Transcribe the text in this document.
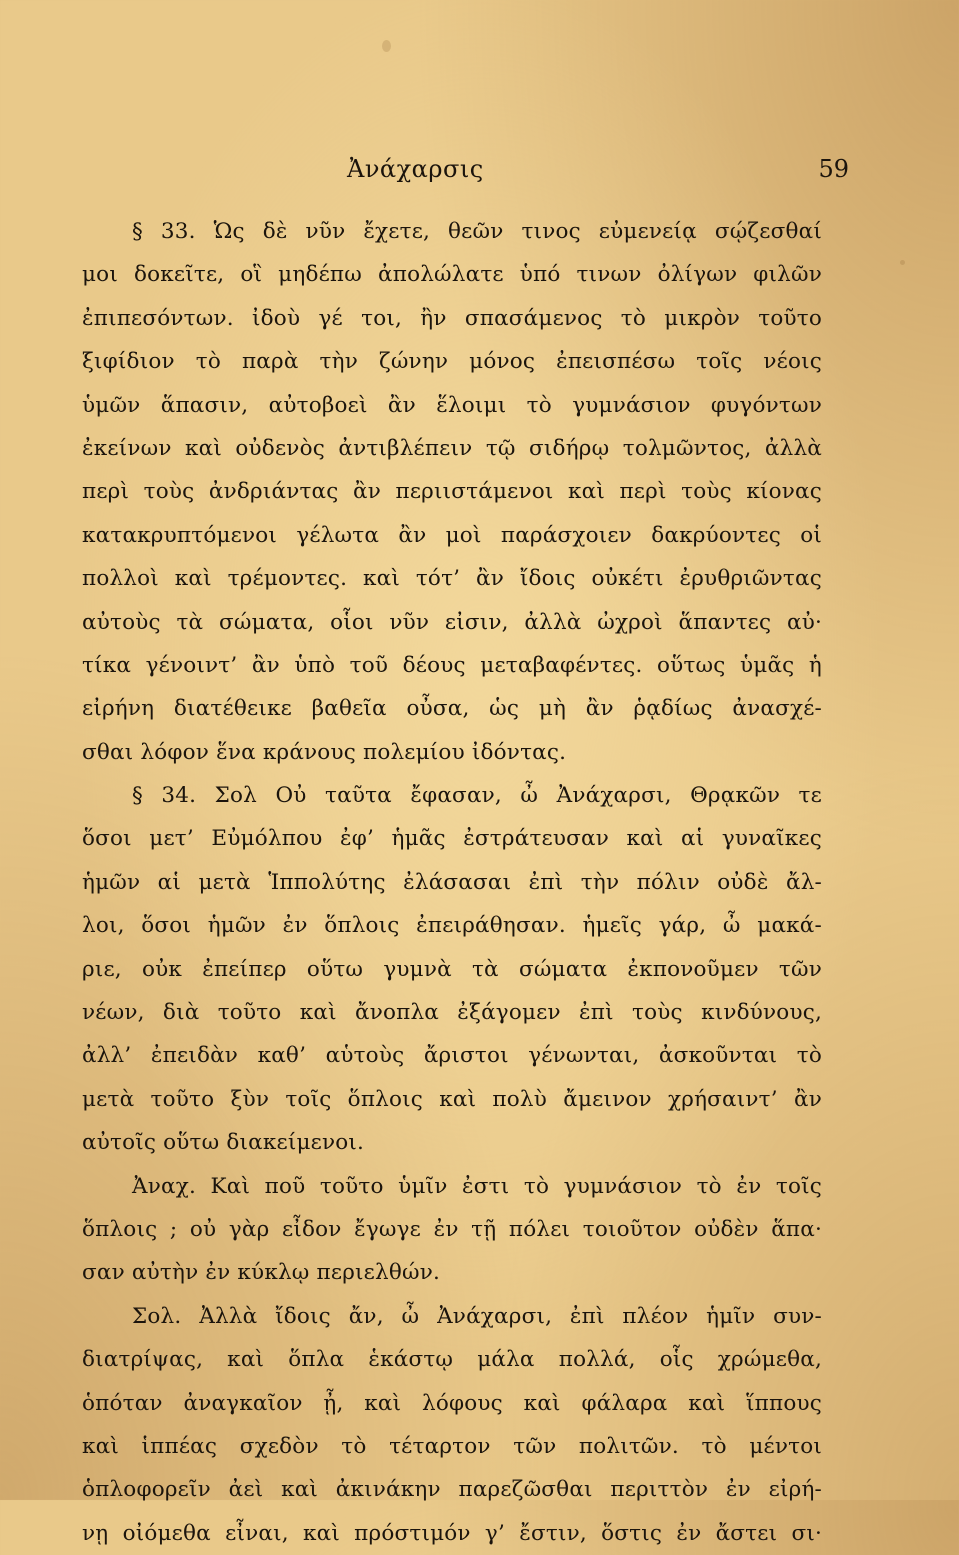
Ἀνάχαρσις	59
§ 33. Ὡς δὲ νῦν ἔχετε, θεῶν τινος εὐμενείᾳ σῴζεσθαί
μοι δοκεῖτε, οἳ μηδέπω ἀπολώλατε ὑπό τινων ὀλίγων φιλῶν
ἐπιπεσόντων. ἰδοὺ γέ τοι, ἢν σπασάμενος τὸ μικρὸν τοῦτο
ξιφίδιον τὸ παρὰ τὴν ζώνην μόνος ἐπεισπέσω τοῖς νέοις
ὑμῶν ἅπασιν, αὐτοβοεὶ ἂν ἕλοιμι τὸ γυμνάσιον φυγόντων
ἐκείνων καὶ οὐδενὸς ἀντιβλέπειν τῷ σιδήρῳ τολμῶντος, ἀλλὰ
περὶ τοὺς ἀνδριάντας ἂν περιιστάμενοι καὶ περὶ τοὺς κίονας
κατακρυπτόμενοι γέλωτα ἂν μοὶ παράσχοιεν δακρύοντες οἱ
πολλοὶ καὶ τρέμοντες. καὶ τότ’ ἂν ἴδοις οὐκέτι ἐρυθριῶντας
αὐτοὺς τὰ σώματα, οἷοι νῦν εἰσιν, ἀλλὰ ὠχροὶ ἅπαντες αὐ·
τίκα γένοιντ’ ἂν ὑπὸ τοῦ δέους μεταβαφέντες. οὕτως ὑμᾶς ἡ
εἰρήνη διατέθεικε βαθεῖα οὖσα, ὡς μὴ ἂν ῥᾳδίως ἀνασχέ-
σθαι λόφον ἕνα κράνους πολεμίου ἰδόντας.
§ 34. Σολ Οὐ ταῦτα ἔφασαν, ὦ Ἀνάχαρσι, Θρᾳκῶν τε
ὅσοι μετ’ Εὐμόλπου ἐφ’ ἡμᾶς ἐστράτευσαν καὶ αἱ γυναῖκες
ἡμῶν αἱ μετὰ Ἱππολύτης ἐλάσασαι ἐπὶ τὴν πόλιν οὐδὲ ἄλ-
λοι, ὅσοι ἡμῶν ἐν ὅπλοις ἐπειράθησαν. ἡμεῖς γάρ, ὦ μακά-
ριε, οὐκ ἐπείπερ οὕτω γυμνὰ τὰ σώματα ἐκπονοῦμεν τῶν
νέων, διὰ τοῦτο καὶ ἄνοπλα ἐξάγομεν ἐπὶ τοὺς κινδύνους,
ἀλλ’ ἐπειδὰν καθ’ αὑτοὺς ἄριστοι γένωνται, ἀσκοῦνται τὸ
μετὰ τοῦτο ξὺν τοῖς ὅπλοις καὶ πολὺ ἄμεινον χρήσαιντ’ ἂν
αὐτοῖς οὕτω διακείμενοι.
Ἀναχ. Καὶ ποῦ τοῦτο ὑμῖν ἐστι τὸ γυμνάσιον τὸ ἐν τοῖς
ὅπλοις ; οὐ γὰρ εἶδον ἔγωγε ἐν τῇ πόλει τοιοῦτον οὐδὲν ἅπα·
σαν αὐτὴν ἐν κύκλῳ περιελθών.
Σολ. Ἀλλὰ ἴδοις ἄν, ὦ Ἀνάχαρσι, ἐπὶ πλέον ἡμῖν συν-
διατρίψας, καὶ ὅπλα ἑκάστῳ μάλα πολλά, οἷς χρώμεθα,
ὁπόταν ἀναγκαῖον ᾖ, καὶ λόφους καὶ φάλαρα καὶ ἵππους
καὶ ἱππέας σχεδὸν τὸ τέταρτον τῶν πολιτῶν. τὸ μέντοι
ὁπλοφορεῖν ἀεὶ καὶ ἀκινάκην παρεζῶσθαι περιττὸν ἐν εἰρή-
νῃ οἰόμεθα εἶναι, καὶ πρόστιμόν γ’ ἔστιν, ὅστις ἐν ἄστει σι·
